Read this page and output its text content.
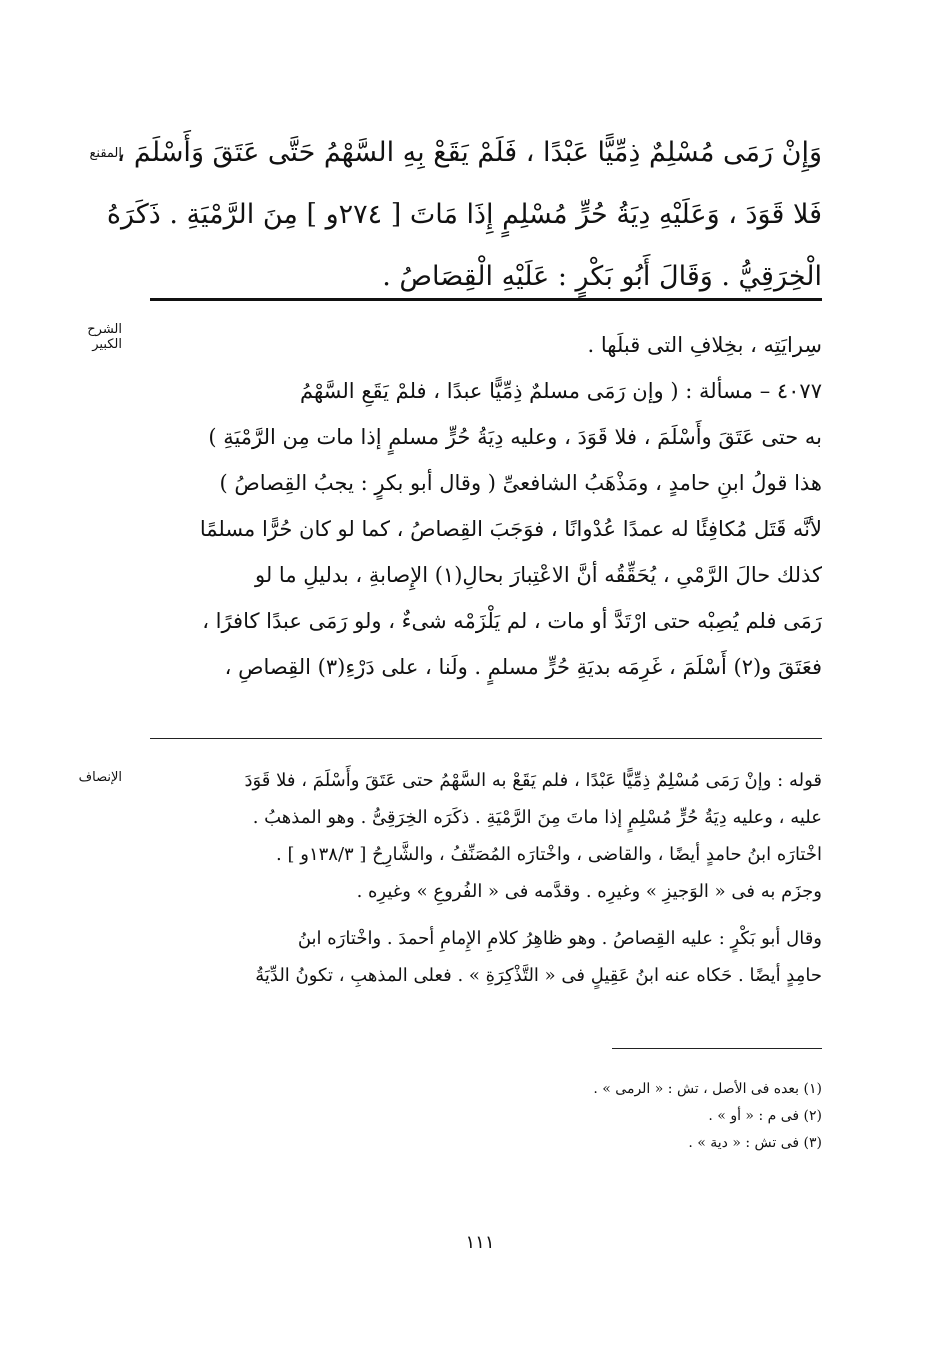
المقنع
الشرح الكبير
الإنصاف
وَإِنْ رَمَى مُسْلِمٌ ذِمِّيًّا عَبْدًا ، فَلَمْ يَقَعْ بِهِ السَّهْمُ حَتَّى عَتَقَ وَأَسْلَمَ ،
فَلا قَوَدَ ، وَعَلَيْهِ دِيَةُ حُرٍّ مُسْلِمٍ إِذَا مَاتَ [ ٢٧٤و ] مِنَ الرَّمْيَةِ . ذَكَرَهُ
الْخِرَقِيُّ . وَقَالَ أَبُو بَكْرٍ : عَلَيْهِ الْقِصَاصُ .
سِرايَتِه ، بخِلافِ التى قبلَها .
٤٠٧٧ – مسألة : ( وإن رَمَى مسلمٌ ذِمِّيًّا عبدًا ، فلمْ يَقَعِ السَّهْمُ
به حتى عَتَقَ وأَسْلَمَ ، فلا قَوَدَ ، وعليه دِيَةُ حُرٍّ مسلمٍ إذا مات مِن الرَّمْيَةِ )
هذا قولُ ابنِ حامدٍ ، ومَذْهَبُ الشافعىِّ ( وقال أبو بكرٍ : يجبُ القِصاصُ )
لأنَّه قَتَل مُكافِئًا له عمدًا عُدْوانًا ، فوَجَبَ القِصاصُ ، كما لو كان حُرًّا مسلمًا
كذلك حالَ الرَّمْىِ ، يُحَقِّقُه أنَّ الاعْتِبارَ بحالِ(١) الإِصابةِ ، بدليلِ ما لو
رَمَى فلم يُصِبْه حتى ارْتَدَّ أو مات ، لم يَلْزَمْه شىءٌ ، ولو رَمَى عبدًا كافرًا ،
فعَتَقَ و(٢) أَسْلَمَ ، غَرِمَه بديَةِ حُرٍّ مسلمٍ . ولَنا ، على دَرْءِ(٣) القِصاصِ ،
قوله : وإنْ رَمَى مُسْلِمٌ ذِمِّيًّا عَبْدًا ، فلم يَقَعْ به السَّهْمُ حتى عَتَقَ وأَسْلَمَ ، فلا قَوَدَ
عليه ، وعليه دِيَةُ حُرٍّ مُسْلِمٍ إذا ماتَ مِنَ الرَّمْيَةِ . ذكَرَه الخِرَقِىُّ . وهو المذهبُ .
اخْتارَه ابنُ حامدٍ أيضًا ، والقاضى ، واخْتارَه المُصَنِّفُ ، والشَّارِحُ [ ١٣٨/٣و ] .
وجزَم به فى « الوَجيزِ » وغيرِه . وقدَّمه فى « الفُروعِ » وغيرِه .
وقال أبو بَكْرٍ : عليه القِصاصُ . وهو ظاهِرُ كلامِ الإِمامِ أحمدَ . واخْتارَه ابنُ
حامِدٍ أيضًا . حَكاه عنه ابنُ عَقِيلٍ فى « التَّذْكِرَةِ » . فعلى المذهبِ ، تكونُ الدِّيَةُ
(١) بعده فى الأصل ، تش : « الرمى » .
(٢) فى م : « أو » .
(٣) فى تش : « دية » .
١١١
